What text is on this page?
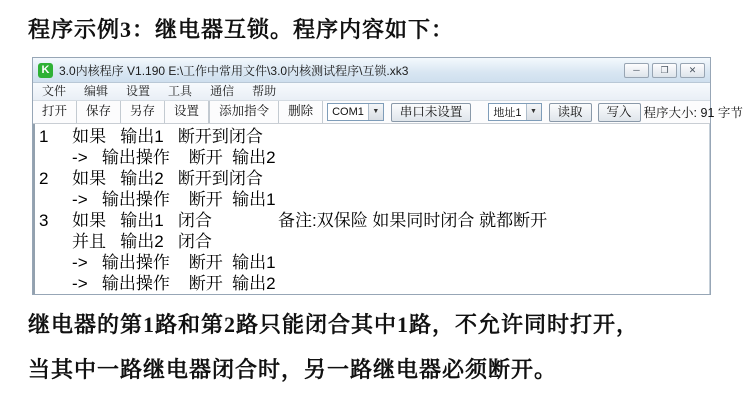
程序示例3：继电器互锁。程序内容如下：
K 3.0内核程序 V1.190 E:\工作中常用文件\3.0内核测试程序\互锁.xk3	─	❐	✕
文件	编辑	设置	工具	通信	帮助
打开	保存	另存	设置	添加指令	删除	COM1	▼	串口未设置	地址1	▼	读取	写入 程序大小: 91 字节
1     如果   输出1   断开到闭合
->   输出操作    断开  输出2
2     如果   输出2   断开到闭合
->   输出操作    断开  输出1
3     如果   输出1   闭合              备注:双保险 如果同时闭合 就都断开
并且   输出2   闭合
->   输出操作    断开  输出1
->   输出操作    断开  输出2
继电器的第1路和第2路只能闭合其中1路，不允许同时打开，
当其中一路继电器闭合时，另一路继电器必须断开。
